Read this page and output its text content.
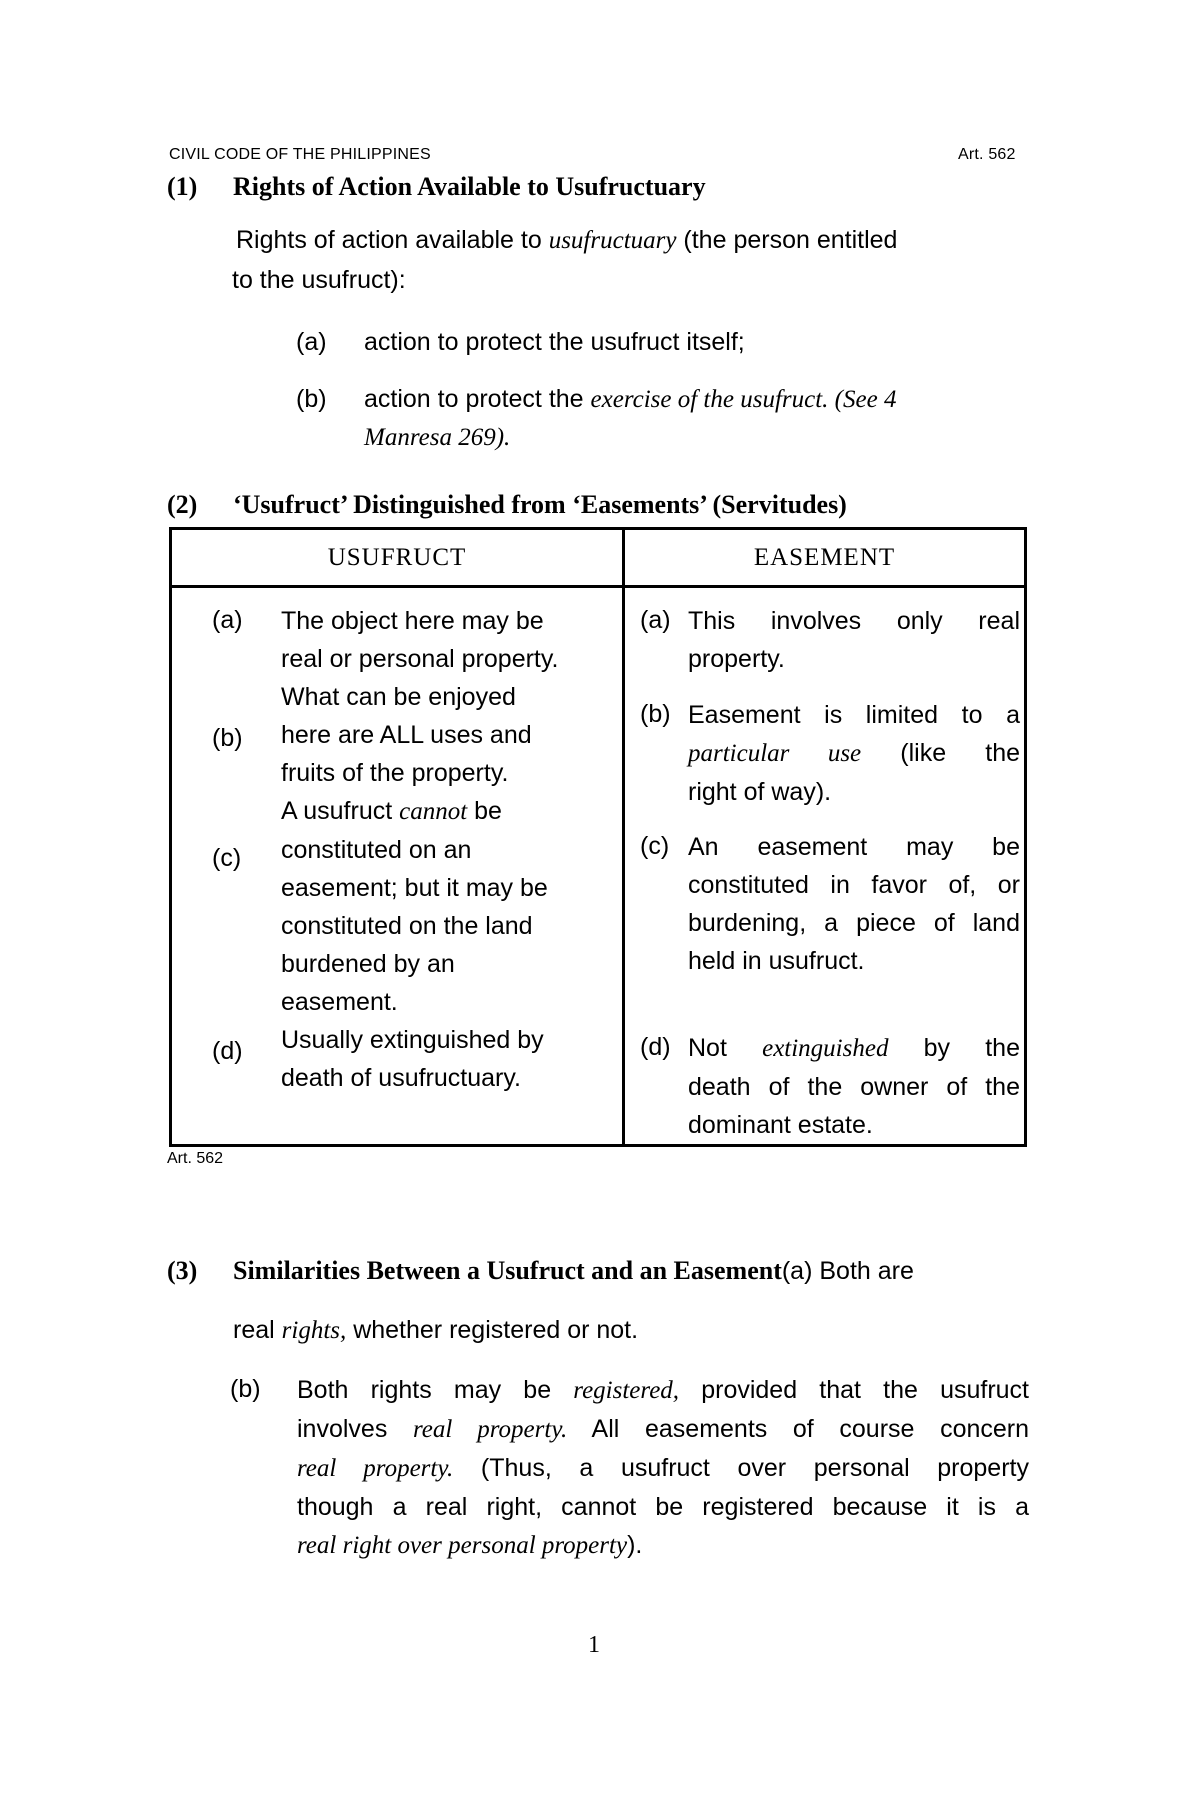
CIVIL CODE OF THE PHILIPPINES	Art. 562
(1) Rights of Action Available to Usufructuary
Rights of action available to usufructuary (the person entitled
to the usufruct):
(a) action to protect the usufruct itself;
(b) action to protect the exercise of the usufruct. (See 4
Manresa 269).
(2) ‘Usufruct’ Distinguished from ‘Easements’ (Servitudes)
USUFRUCT	EASEMENT
(a)
(b)
(c)
(d)
The object here may be
real or personal property.
What can be enjoyed
here are ALL uses and
fruits of the property.
A usufruct cannot be
constituted on an
easement; but it may be
constituted on the land
burdened by an
easement.
Usually extinguished by
death of usufructuary.
(a) This involves only real
property.
(b) Easement is limited to a
particular use (like the
right of way).
(c) An easement may be
constituted in favor of, or
burdening, a piece of land
held in usufruct.
(d) Not extinguished by the
death of the owner of the
dominant estate.
Art. 562
(3) Similarities Between a Usufruct and an Easement(a) Both are
real rights, whether registered or not.
(b) Both rights may be registered, provided that the usufruct
involves real property. All easements of course concern
real property. (Thus, a usufruct over personal property
though a real right, cannot be registered because it is a
real right over personal property).
1
